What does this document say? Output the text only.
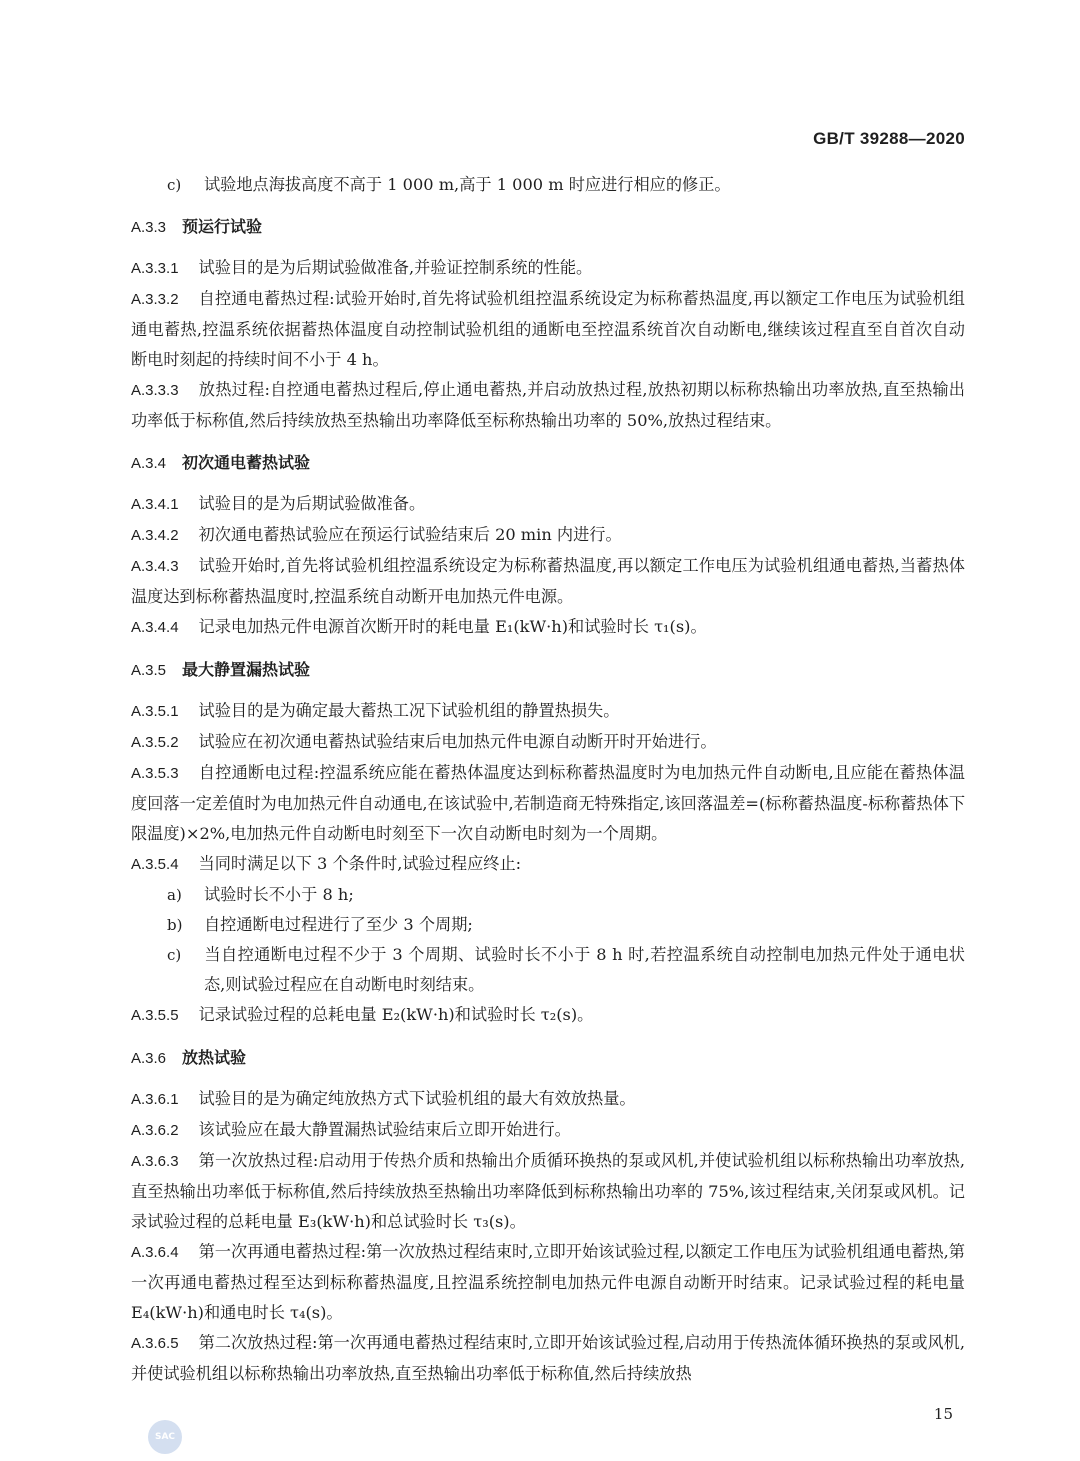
GB/T 39288—2020

c) 试验地点海拔高度不高于 1 000 m,高于 1 000 m 时应进行相应的修正。

A.3.3 预运行试验

A.3.3.1 试验目的是为后期试验做准备,并验证控制系统的性能。

A.3.3.2 自控通电蓄热过程:试验开始时,首先将试验机组控温系统设定为标称蓄热温度,再以额定工作电压为试验机组通电蓄热,控温系统依据蓄热体温度自动控制试验机组的通断电至控温系统首次自动断电,继续该过程直至自首次自动断电时刻起的持续时间不小于 4 h。

A.3.3.3 放热过程:自控通电蓄热过程后,停止通电蓄热,并启动放热过程,放热初期以标称热输出功率放热,直至热输出功率低于标称值,然后持续放热至热输出功率降低至标称热输出功率的 50%,放热过程结束。

A.3.4 初次通电蓄热试验

A.3.4.1 试验目的是为后期试验做准备。

A.3.4.2 初次通电蓄热试验应在预运行试验结束后 20 min 内进行。

A.3.4.3 试验开始时,首先将试验机组控温系统设定为标称蓄热温度,再以额定工作电压为试验机组通电蓄热,当蓄热体温度达到标称蓄热温度时,控温系统自动断开电加热元件电源。

A.3.4.4 记录电加热元件电源首次断开时的耗电量 E₁(kW·h)和试验时长 τ₁(s)。

A.3.5 最大静置漏热试验

A.3.5.1 试验目的是为确定最大蓄热工况下试验机组的静置热损失。

A.3.5.2 试验应在初次通电蓄热试验结束后电加热元件电源自动断开时开始进行。

A.3.5.3 自控通断电过程:控温系统应能在蓄热体温度达到标称蓄热温度时为电加热元件自动断电,且应能在蓄热体温度回落一定差值时为电加热元件自动通电,在该试验中,若制造商无特殊指定,该回落温差=(标称蓄热温度-标称蓄热体下限温度)×2%,电加热元件自动断电时刻至下一次自动断电时刻为一个周期。

A.3.5.4 当同时满足以下 3 个条件时,试验过程应终止:

a) 试验时长不小于 8 h;

b) 自控通断电过程进行了至少 3 个周期;

c) 当自控通断电过程不少于 3 个周期、试验时长不小于 8 h 时,若控温系统自动控制电加热元件处于通电状态,则试验过程应在自动断电时刻结束。

A.3.5.5 记录试验过程的总耗电量 E₂(kW·h)和试验时长 τ₂(s)。

A.3.6 放热试验

A.3.6.1 试验目的是为确定纯放热方式下试验机组的最大有效放热量。

A.3.6.2 该试验应在最大静置漏热试验结束后立即开始进行。

A.3.6.3 第一次放热过程:启动用于传热介质和热输出介质循环换热的泵或风机,并使试验机组以标称热输出功率放热,直至热输出功率低于标称值,然后持续放热至热输出功率降低到标称热输出功率的 75%,该过程结束,关闭泵或风机。记录试验过程的总耗电量 E₃(kW·h)和总试验时长 τ₃(s)。

A.3.6.4 第一次再通电蓄热过程:第一次放热过程结束时,立即开始该试验过程,以额定工作电压为试验机组通电蓄热,第一次再通电蓄热过程至达到标称蓄热温度,且控温系统控制电加热元件电源自动断开时结束。记录试验过程的耗电量 E₄(kW·h)和通电时长 τ₄(s)。

A.3.6.5 第二次放热过程:第一次再通电蓄热过程结束时,立即开始该试验过程,启动用于传热流体循环换热的泵或风机,并使试验机组以标称热输出功率放热,直至热输出功率低于标称值,然后持续放热

15
SAC
